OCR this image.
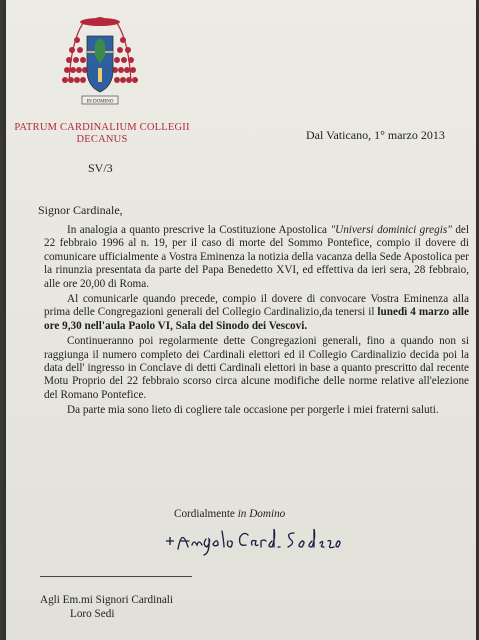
IN DOMINO
PATRUM CARDINALIUM COLLEGII
DECANUS	Dal Vaticano, 1° marzo 2013
SV/3
Signor Cardinale,

In analogia a quanto prescrive la Costituzione Apostolica "Universi dominici gregis" del 22 febbraio 1996 al n. 19, per il caso di morte del Sommo Pontefice, compio il dovere di comunicare ufficialmente a Vostra Eminenza la notizia della vacanza della Sede Apostolica per la rinunzia presentata da parte del Papa Benedetto XVI, ed effettiva da ieri sera, 28 febbraio, alle ore 20,00 di Roma.

Al comunicarle quando precede, compio il dovere di convocare Vostra Eminenza alla prima delle Congregazioni generali del Collegio Cardinalizio,da tenersi il lunedì 4 marzo alle ore 9,30 nell'aula Paolo VI, Sala del Sinodo dei Vescovi.

Continueranno poi regolarmente dette Congregazioni generali, fino a quando non si raggiunga il numero completo dei Cardinali elettori ed il Collegio Cardinalizio decida poi la data dell' ingresso in Conclave di detti Cardinali elettori in base a quanto prescritto dal recente Motu Proprio del 22 febbraio scorso circa alcune modifiche delle norme relative all'elezione del Romano Pontefice.

Da parte mia sono lieto di cogliere tale occasione per porgerle i miei fraterni saluti.

Cordialmente in Domino
+ Angelo Card. Sodano
Agli Em.mi Signori Cardinali
Loro Sedi
